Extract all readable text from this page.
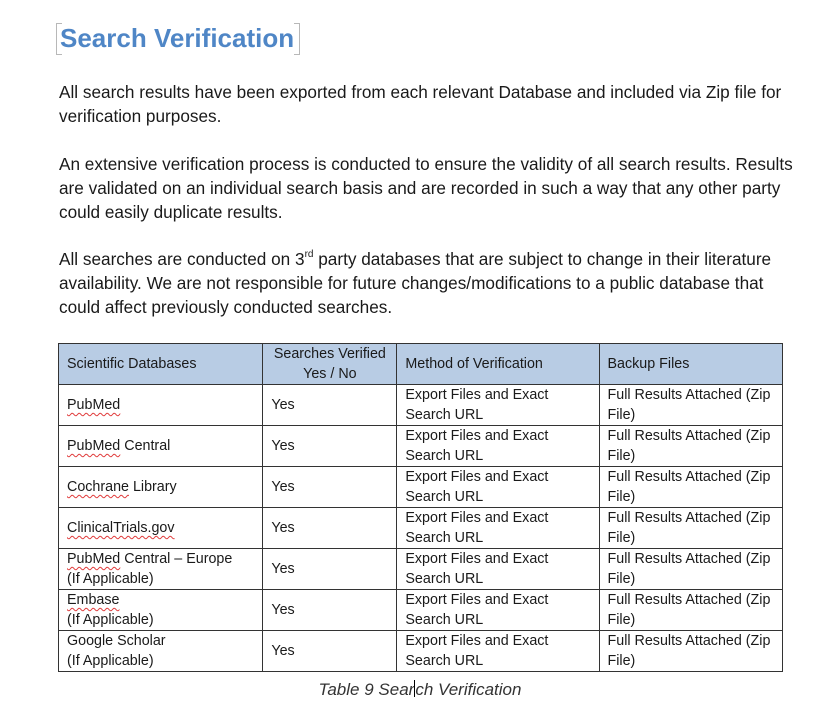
Search Verification
All search results have been exported from each relevant Database and included via Zip file for verification purposes.
An extensive verification process is conducted to ensure the validity of all search results. Results are validated on an individual search basis and are recorded in such a way that any other party could easily duplicate results.
All searches are conducted on 3rd party databases that are subject to change in their literature availability. We are not responsible for future changes/modifications to a public database that could affect previously conducted searches.
Scientific Databases	Searches Verified Yes / No	Method of Verification	Backup Files

PubMed	Yes	Export Files and Exact Search URL	Full Results Attached (Zip File)

PubMed Central	Yes	Export Files and Exact Search URL	Full Results Attached (Zip File)

Cochrane Library	Yes	Export Files and Exact Search URL	Full Results Attached (Zip File)

ClinicalTrials.gov	Yes	Export Files and Exact Search URL	Full Results Attached (Zip File)

PubMed Central – Europe
(If Applicable)	Yes	Export Files and Exact Search URL	Full Results Attached (Zip File)

Embase
(If Applicable)	Yes	Export Files and Exact Search URL	Full Results Attached (Zip File)

Google Scholar
(If Applicable)	Yes	Export Files and Exact Search URL	Full Results Attached (Zip File)
Table 9 Search Verification
